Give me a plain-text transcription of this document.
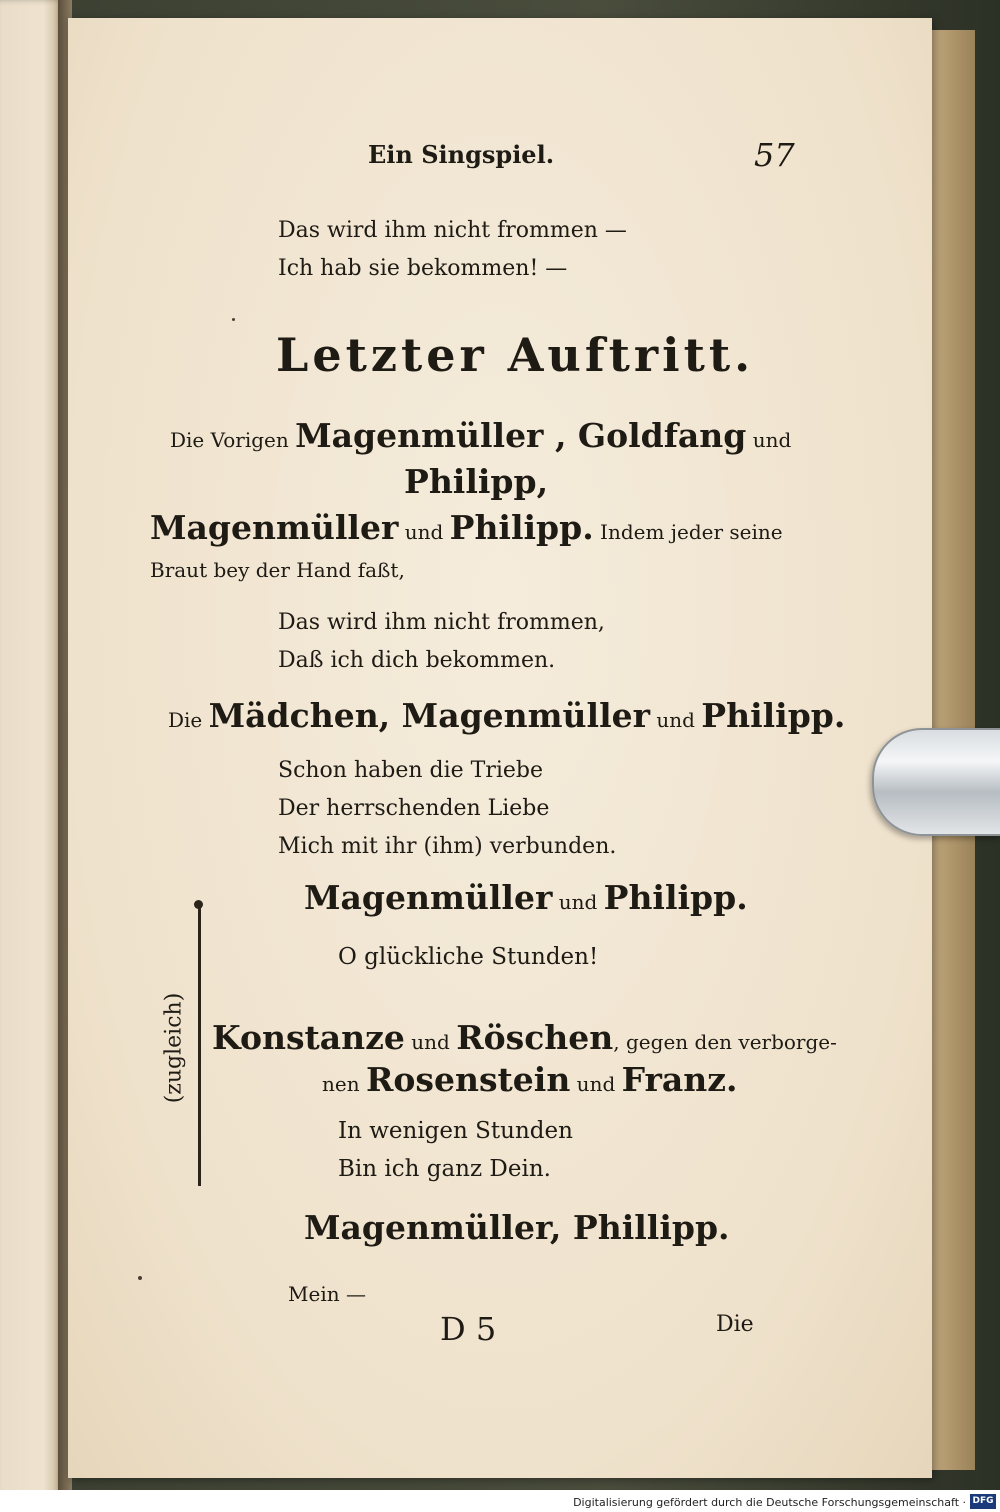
Ein Singspiel.	57
Das wird ihm nicht frommen —
Ich hab sie bekommen! —
Letzter Auftritt.
Die Vorigen Magenmüller , Goldfang und
Philipp,
Magenmüller und Philipp. Indem jeder seine
Braut bey der Hand faßt,
Das wird ihm nicht frommen,
Daß ich dich bekommen.
Die Mädchen, Magenmüller und Philipp.
Schon haben die Triebe
Der herrschenden Liebe
Mich mit ihr (ihm) verbunden.
Magenmüller und Philipp.
O glückliche Stunden!
(zugleich) Konstanze und Röschen, gegen den verborge-
nen Rosenstein und Franz.
In wenigen Stunden
Bin ich ganz Dein.
Magenmüller, Phillipp.
Mein —
D 5	Die
Digitalisierung gefördert durch die Deutsche Forschungsgemeinschaft · DFG
